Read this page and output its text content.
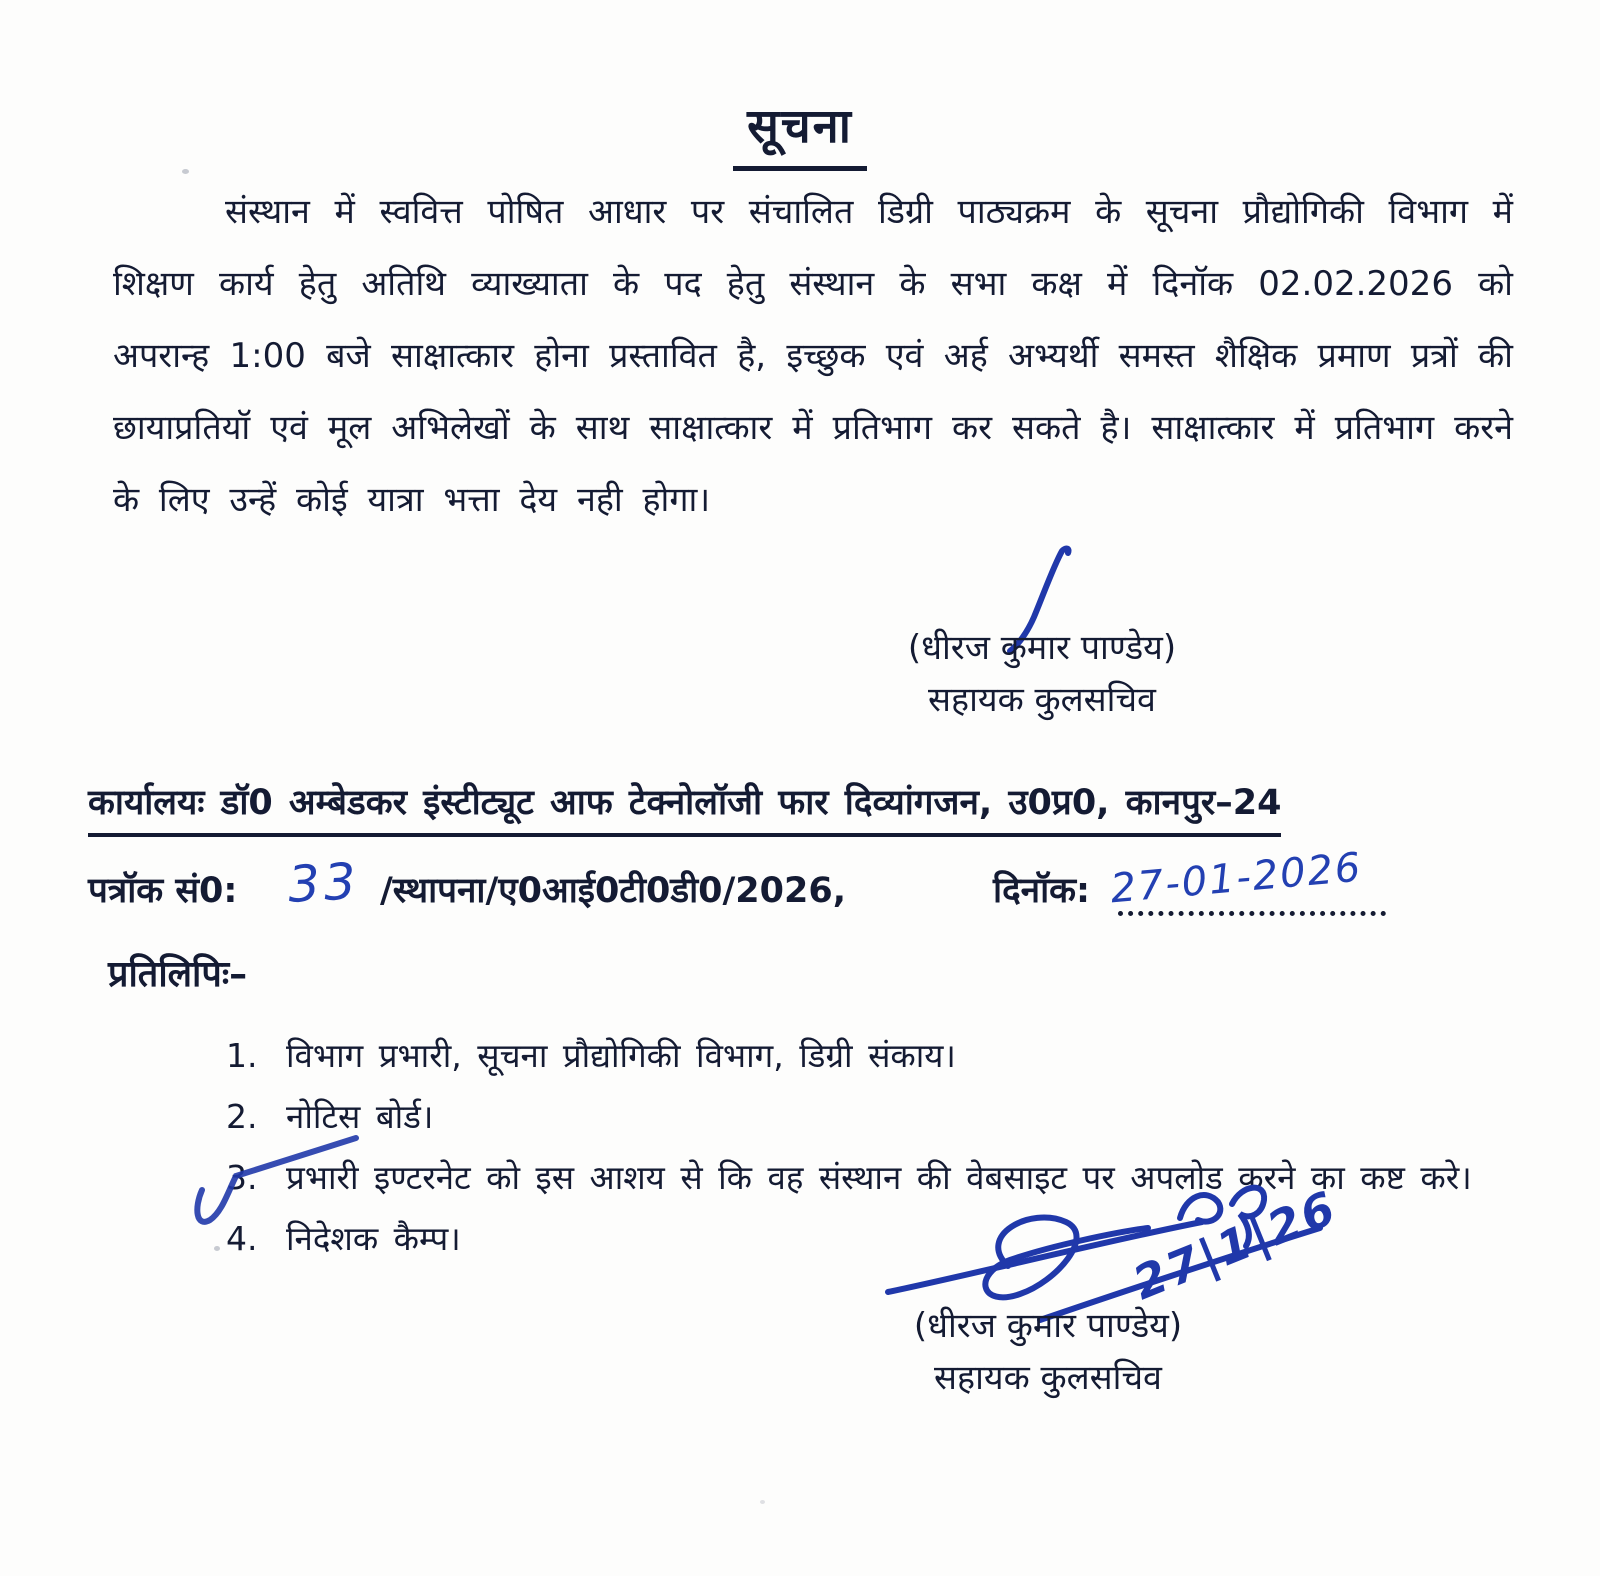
सूचना

संस्थान में स्ववित्त पोषित आधार पर संचालित डिग्री पाठ्यक्रम के सूचना प्रौद्योगिकी विभाग में शिक्षण कार्य हेतु अतिथि व्याख्याता के पद हेतु संस्थान के सभा कक्ष में दिनॉक 02.02.2026 को अपरान्ह 1:00 बजे साक्षात्कार होना प्रस्तावित है, इच्छुक एवं अर्ह अभ्यर्थी समस्त शैक्षिक प्रमाण प्रत्रों की छायाप्रतियॉ एवं मूल अभिलेखों के साथ साक्षात्कार में प्रतिभाग कर सकते है। साक्षात्कार में प्रतिभाग करने के लिए उन्हें कोई यात्रा भत्ता देय नही होगा।

(धीरज कुमार पाण्डेय)
सहायक कुलसचिव
कार्यालयः डॉ0 अम्बेडकर इंस्टीट्यूट आफ टेक्नोलॉजी फार दिव्यांगजन, उ0प्र0, कानपुर–24
पत्रॉक सं0: 33 /स्थापना/ए0आई0टी0डी0/2026,	दिनॉक: 27-01-2026
प्रतिलिपिः–
1. विभाग प्रभारी, सूचना प्रौद्योगिकी विभाग, डिग्री संकाय।
2. नोटिस बोर्ड।
3. प्रभारी इण्टरनेट को इस आशय से कि वह संस्थान की वेबसाइट पर अपलोड करने का कष्ट करे।
4. निदेशक कैम्प।	27|1|26
(धीरज कुमार पाण्डेय)
सहायक कुलसचिव
